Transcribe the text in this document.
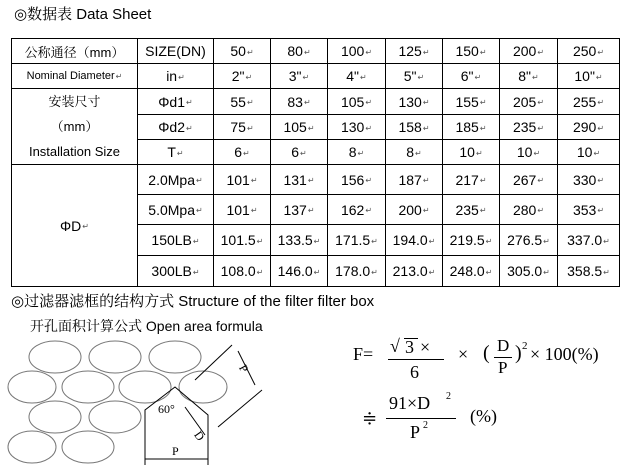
◎数据表 Data Sheet
公称通径（mm）	SIZE(DN)	50↵	80↵	100↵	125↵	150↵	200↵	250↵
Nominal Diameter↵	in↵	2"↵	3"↵	4"↵	5"↵	6"↵	8"↵	10"↵

安装尺寸
（mm）
Installation Size	Φd1↵	55↵	83↵	105↵	130↵	155↵	205↵	255↵
	Φd2↵	75↵	105↵	130↵	158↵	185↵	235↵	290↵
	T↵	6↵	6↵	8↵	8↵	10↵	10↵	10↵
ΦD↵	2.0Mpa↵	101↵	131↵	156↵	187↵	217↵	267↵	330↵
	5.0Mpa↵	101↵	137↵	162↵	200↵	235↵	280↵	353↵
	150LB↵	101.5↵	133.5↵	171.5↵	194.0↵	219.5↵	276.5↵	337.0↵
	300LB↵	108.0↵	146.0↵	178.0↵	213.0↵	248.0↵	305.0↵	358.5↵
◎过滤器滤框的结构方式 Structure of the filter filter box
开孔面积计算公式 Open area formula
60°
P
P
D
F= √ 3 ×
6
× ( D
P
) 2 × 100(%)
≑
91×D 2
P 2 (%)
